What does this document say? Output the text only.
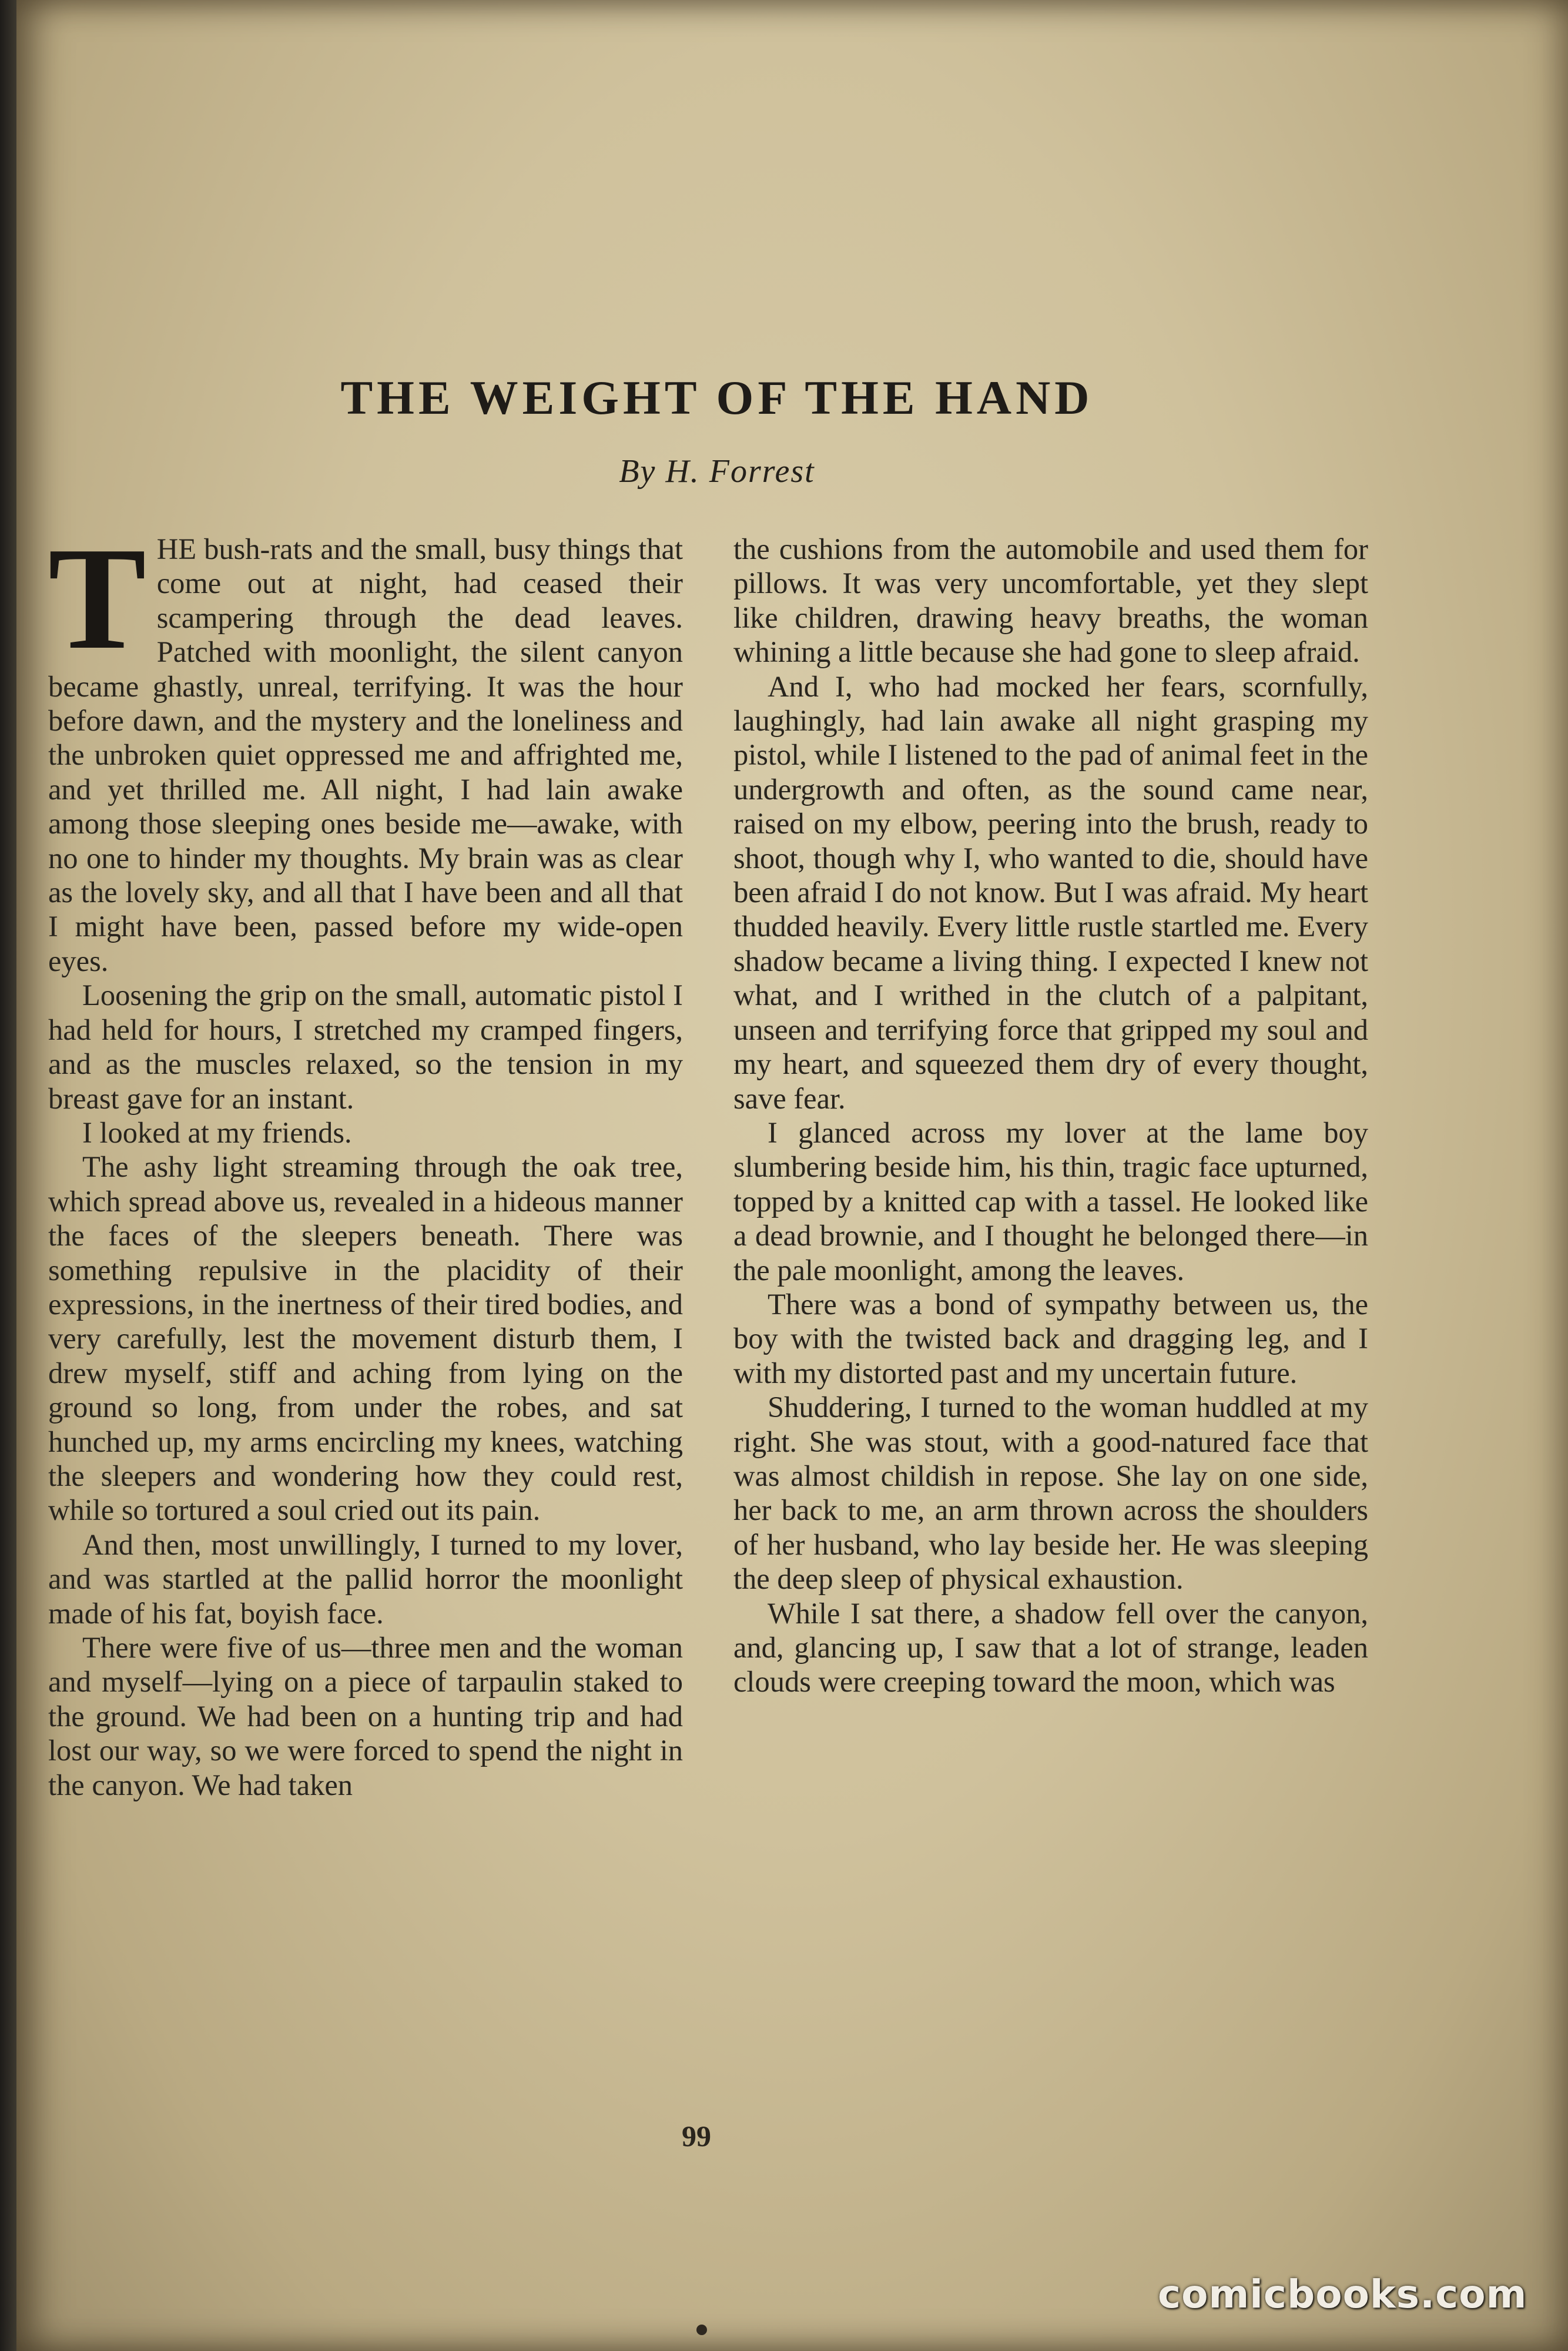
THE WEIGHT OF THE HAND
By H. Forrest

THE bush-rats and the small, busy things that come out at night, had ceased their scampering through the dead leaves. Patched with moonlight, the silent canyon became ghastly, unreal, terrifying. It was the hour before dawn, and the mystery and the loneliness and the unbroken quiet oppressed me and affrighted me, and yet thrilled me. All night, I had lain awake among those sleeping ones beside me—awake, with no one to hinder my thoughts. My brain was as clear as the lovely sky, and all that I have been and all that I might have been, passed before my wide-open eyes.

Loosening the grip on the small, automatic pistol I had held for hours, I stretched my cramped fingers, and as the muscles relaxed, so the tension in my breast gave for an instant.

I looked at my friends.

The ashy light streaming through the oak tree, which spread above us, revealed in a hideous manner the faces of the sleepers beneath. There was something repulsive in the placidity of their expressions, in the inertness of their tired bodies, and very carefully, lest the movement disturb them, I drew myself, stiff and aching from lying on the ground so long, from under the robes, and sat hunched up, my arms encircling my knees, watching the sleepers and wondering how they could rest, while so tortured a soul cried out its pain.

And then, most unwillingly, I turned to my lover, and was startled at the pallid horror the moonlight made of his fat, boyish face.

There were five of us—three men and the woman and myself—lying on a piece of tarpaulin staked to the ground. We had been on a hunting trip and had lost our way, so we were forced to spend the night in the canyon. We had taken

the cushions from the automobile and used them for pillows. It was very uncomfortable, yet they slept like children, drawing heavy breaths, the woman whining a little because she had gone to sleep afraid.

And I, who had mocked her fears, scornfully, laughingly, had lain awake all night grasping my pistol, while I listened to the pad of animal feet in the undergrowth and often, as the sound came near, raised on my elbow, peering into the brush, ready to shoot, though why I, who wanted to die, should have been afraid I do not know. But I was afraid. My heart thudded heavily. Every little rustle startled me. Every shadow became a living thing. I expected I knew not what, and I writhed in the clutch of a palpitant, unseen and terrifying force that gripped my soul and my heart, and squeezed them dry of every thought, save fear.

I glanced across my lover at the lame boy slumbering beside him, his thin, tragic face upturned, topped by a knitted cap with a tassel. He looked like a dead brownie, and I thought he belonged there—in the pale moonlight, among the leaves.

There was a bond of sympathy between us, the boy with the twisted back and dragging leg, and I with my distorted past and my uncertain future.

Shuddering, I turned to the woman huddled at my right. She was stout, with a good-natured face that was almost childish in repose. She lay on one side, her back to me, an arm thrown across the shoulders of her husband, who lay beside her. He was sleeping the deep sleep of physical exhaustion.

While I sat there, a shadow fell over the canyon, and, glancing up, I saw that a lot of strange, leaden clouds were creeping toward the moon, which was

99
comicbooks.com
